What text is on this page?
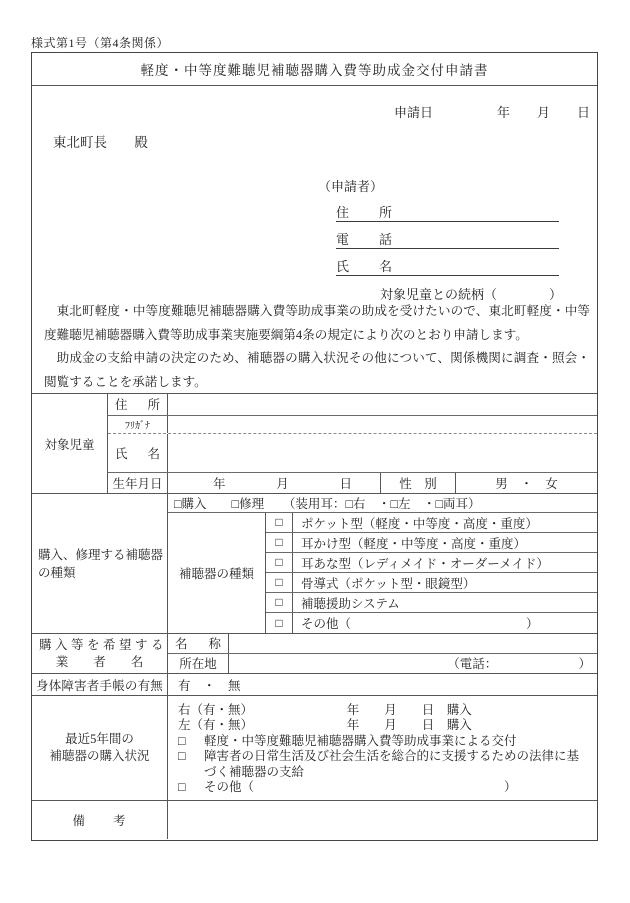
様式第1号（第4条関係）
軽度・中等度難聴児補聴器購入費等助成金交付申請書
申請日	年 月 日
東北町長 殿
（申請者）
住 所
電 話
氏 名
対象児童との続柄（　　　　）

東北町軽度・中等度難聴児補聴器購入費等助成事業の助成を受けたいので、東北町軽度・中等度難聴児補聴器購入費等助成事業実施要綱第4条の規定により次のとおり申請します。

助成金の支給申請の決定のため、補聴器の購入状況その他について、関係機関に調査・照会・閲覧することを承諾します。

対象児童
住 所
ﾌﾘｶﾞﾅ
氏 名
生年月日	年	月	日	性　別	男　・　女
購入、修理する補聴器
の種類
□購入　　□修理　　（装用耳：□右　・□左　・□両耳）
補聴器の種類
□	ポケット型（軽度・中等度・高度・重度）
□	耳かけ型（軽度・中等度・高度・重度）
□	耳あな型（レディメイド・オーダーメイド）
□	骨導式（ポケット型・眼鏡型）
□	補聴援助システム
□	その他（　　　　　　　　　　　　　　）
購入等を希望する
業　　者　　名
名 称
所在地	（電話：　　　　　　　）
身体障害者手帳の有無	有　・　無
最近5年間の
補聴器の購入状況
右（有・無）　　　　　　　　年　　月　　日　購入
左（有・無）　　　　　　　　年　　月　　日　購入
□	軽度・中等度難聴児補聴器購入費等助成事業による交付
□	障害者の日常生活及び社会生活を総合的に支援するための法律に基づく補聴器の支給
□	その他（　　　　　　　　　　　　　　　　　　　　）
備　　考
